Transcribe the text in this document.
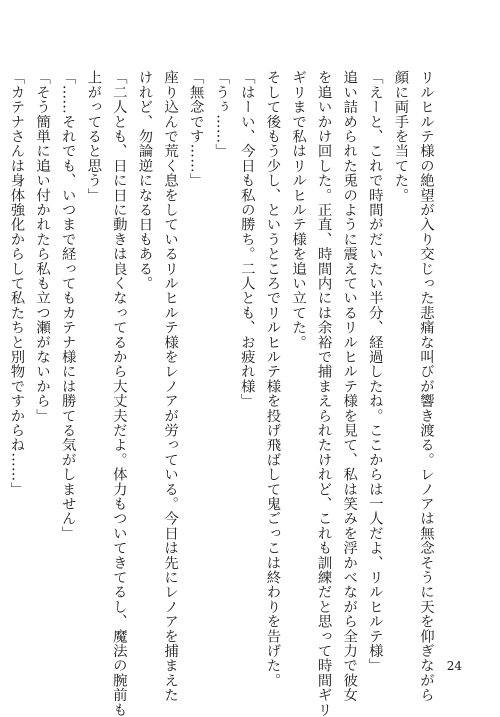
リルヒルテ様の絶望が入り交じった悲痛な叫びが響き渡る。レノアは無念そうに天を仰ぎながら
顔に両手を当てた。
「えーと、これで時間がだいたい半分、経過したね。ここからは一人だよ、リルヒルテ様」
追い詰められた兎のように震えているリルヒルテ様を見て、私は笑みを浮かべながら全力で彼女
を追いかけ回した。正直、時間内には余裕で捕まえられたけれど、これも訓練だと思って時間ギリ
ギリまで私はリルヒルテ様を追い立てた。
そして後もう少し、というところでリルヒルテ様を投げ飛ばして鬼ごっこは終わりを告げた。
「はーい、今日も私の勝ち。二人とも、お疲れ様」
「うぅ……」
「無念です……」
座り込んで荒く息をしているリルヒルテ様をレノアが労っている。今日は先にレノアを捕まえた
けれど、勿論逆になる日もある。
「二人とも、日に日に動きは良くなってるから大丈夫だよ。体力もついてきてるし、魔法の腕前も
上がってると思う」
「……それでも、いつまで経ってもカテナ様には勝てる気がしません」
「そう簡単に追い付かれたら私も立つ瀬がないから」
「カテナさんは身体強化からして私たちと別物ですからね……」
24
